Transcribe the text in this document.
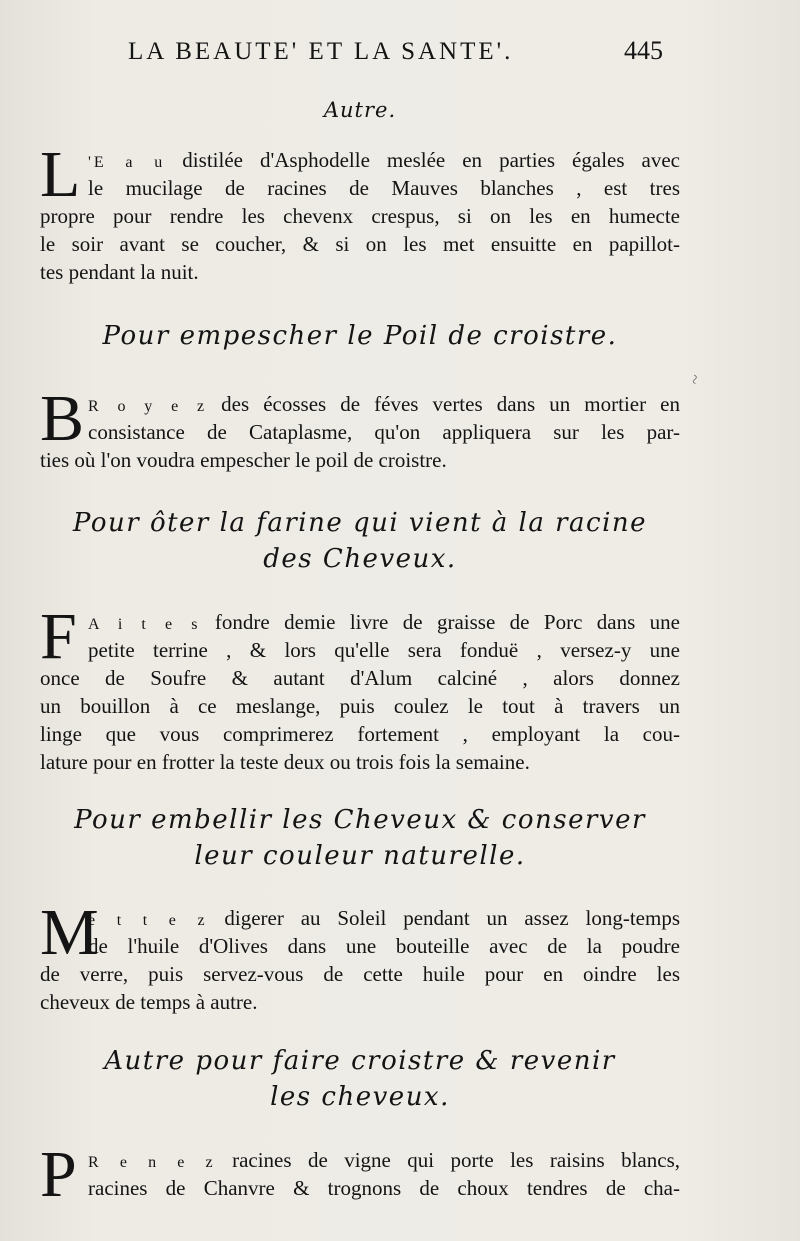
LA BEAUTE' ET LA SANTE'.	445
~
Autre.
L 'E a u distilée d'Asphodelle meslée en parties égales avec
le mucilage de racines de Mauves blanches , est tres
propre pour rendre les chevenx crespus, si on les en humecte
le soir avant se coucher, & si on les met ensuitte en papillot-
tes pendant la nuit.
Pour empescher le Poil de croistre.
B R o y e z des écosses de féves vertes dans un mortier en
consistance de Cataplasme, qu'on appliquera sur les par-
ties où l'on voudra empescher le poil de croistre.
Pour ôter la farine qui vient à la racine
des Cheveux.
F A i t e s fondre demie livre de graisse de Porc dans une
petite terrine , & lors qu'elle sera fonduë , versez-y une
once de Soufre & autant d'Alum calciné , alors donnez
un bouillon à ce meslange, puis coulez le tout à travers un
linge que vous comprimerez fortement , employant la cou-
lature pour en frotter la teste deux ou trois fois la semaine.
Pour embellir les Cheveux & conserver
leur couleur naturelle.
M
e t t e z digerer au Soleil pendant un assez long-temps
de l'huile d'Olives dans une bouteille avec de la poudre
de verre, puis servez-vous de cette huile pour en oindre les
cheveux de temps à autre.
Autre pour faire croistre & revenir
les cheveux.
P R e n e z racines de vigne qui porte les raisins blancs,
racines de Chanvre & trognons de choux tendres de cha-
